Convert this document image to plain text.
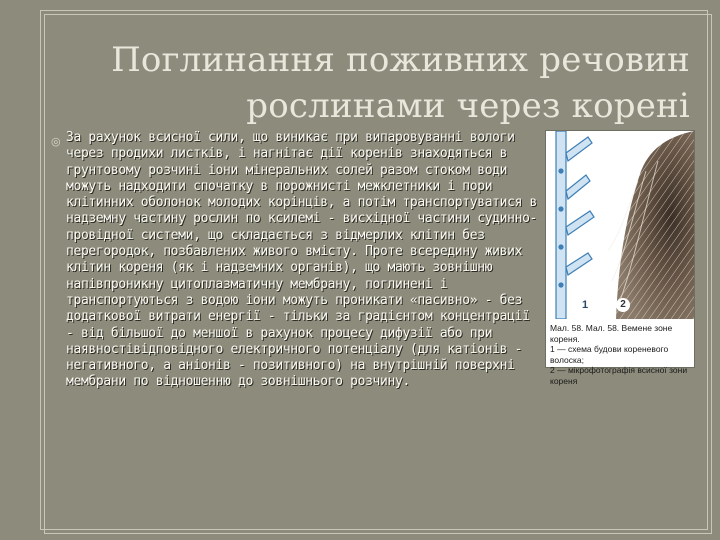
Поглинання поживних речовин
рослинами через корені
◎ За рахунок всисної сили, що виникає при випаровуванні вологи через продихи листків, і нагнітає дії коренів знаходяться в грунтовому розчині іони мінеральних солей разом стоком води можуть надходити спочатку в порожнисті межклетники і пори клітинних оболонок молодих корінців, а потім транспортуватися в надземну частину рослин по ксилемі - висхідної частини судинно-провідної системи, що складається з відмерлих клітин без перегородок, позбавлених живого вмісту. Проте всередину живих клітин кореня (як і надземних органів), що мають зовнішню напівпроникну цитоплазматичну мембрану, поглинені і транспортуються з водою іони можуть проникати «пасивно» - без додаткової витрати енергії - тільки за градієнтом концентрації - від більшої до меншої в рахунок процесу дифузії або при наявностівідповідного електричного потенціалу (для катіонів - негативного, а аніонів - позитивного) на внутрішній поверхні мембрани по відношенню до зовнішнього розчину.
1	2
Мал. 58. Мал. 58. Вемене зоне кореня.
1 — схема будови кореневого волоска;
2 — мікрофотографія всисної зони кореня
